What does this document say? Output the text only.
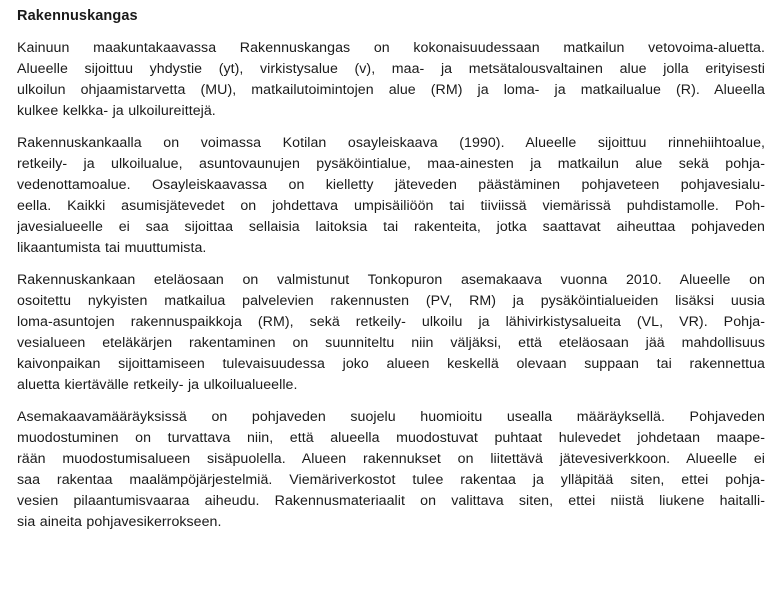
Rakennuskangas

Kainuun maakuntakaavassa Rakennuskangas on kokonaisuudessaan matkailun vetovoima-aluetta.
Alueelle sijoittuu yhdystie (yt), virkistysalue (v), maa- ja metsätalousvaltainen alue jolla erityisesti
ulkoilun ohjaamistarvetta (MU), matkailutoimintojen alue (RM) ja loma- ja matkailualue (R). Alueella
kulkee kelkka- ja ulkoilureittejä.

Rakennuskankaalla on voimassa Kotilan osayleiskaava (1990). Alueelle sijoittuu rinnehiihtoalue,
retkeily- ja ulkoilualue, asuntovaunujen pysäköintialue, maa-ainesten ja matkailun alue sekä pohja-
vedenottamoalue. Osayleiskaavassa on kielletty jäteveden päästäminen pohjaveteen pohjavesialu-
eella. Kaikki asumisjätevedet on johdettava umpisäiliöön tai tiiviissä viemärissä puhdistamolle. Poh-
javesialueelle ei saa sijoittaa sellaisia laitoksia tai rakenteita, jotka saattavat aiheuttaa pohjaveden
likaantumista tai muuttumista.

Rakennuskankaan eteläosaan on valmistunut Tonkopuron asemakaava vuonna 2010. Alueelle on
osoitettu nykyisten matkailua palvelevien rakennusten (PV, RM) ja pysäköintialueiden lisäksi uusia
loma-asuntojen rakennuspaikkoja (RM), sekä retkeily- ulkoilu ja lähivirkistysalueita (VL, VR). Pohja-
vesialueen eteläkärjen rakentaminen on suunniteltu niin väljäksi, että eteläosaan jää mahdollisuus
kaivonpaikan sijoittamiseen tulevaisuudessa joko alueen keskellä olevaan suppaan tai rakennettua
aluetta kiertävälle retkeily- ja ulkoilualueelle.

Asemakaavamääräyksissä on pohjaveden suojelu huomioitu usealla määräyksellä. Pohjaveden
muodostuminen on turvattava niin, että alueella muodostuvat puhtaat hulevedet johdetaan maape-
rään muodostumisalueen sisäpuolella. Alueen rakennukset on liitettävä jätevesiverkkoon. Alueelle ei
saa rakentaa maalämpöjärjestelmiä. Viemäriverkostot tulee rakentaa ja ylläpitää siten, ettei pohja-
vesien pilaantumisvaaraa aiheudu. Rakennusmateriaalit on valittava siten, ettei niistä liukene haitalli-
sia aineita pohjavesikerrokseen.
